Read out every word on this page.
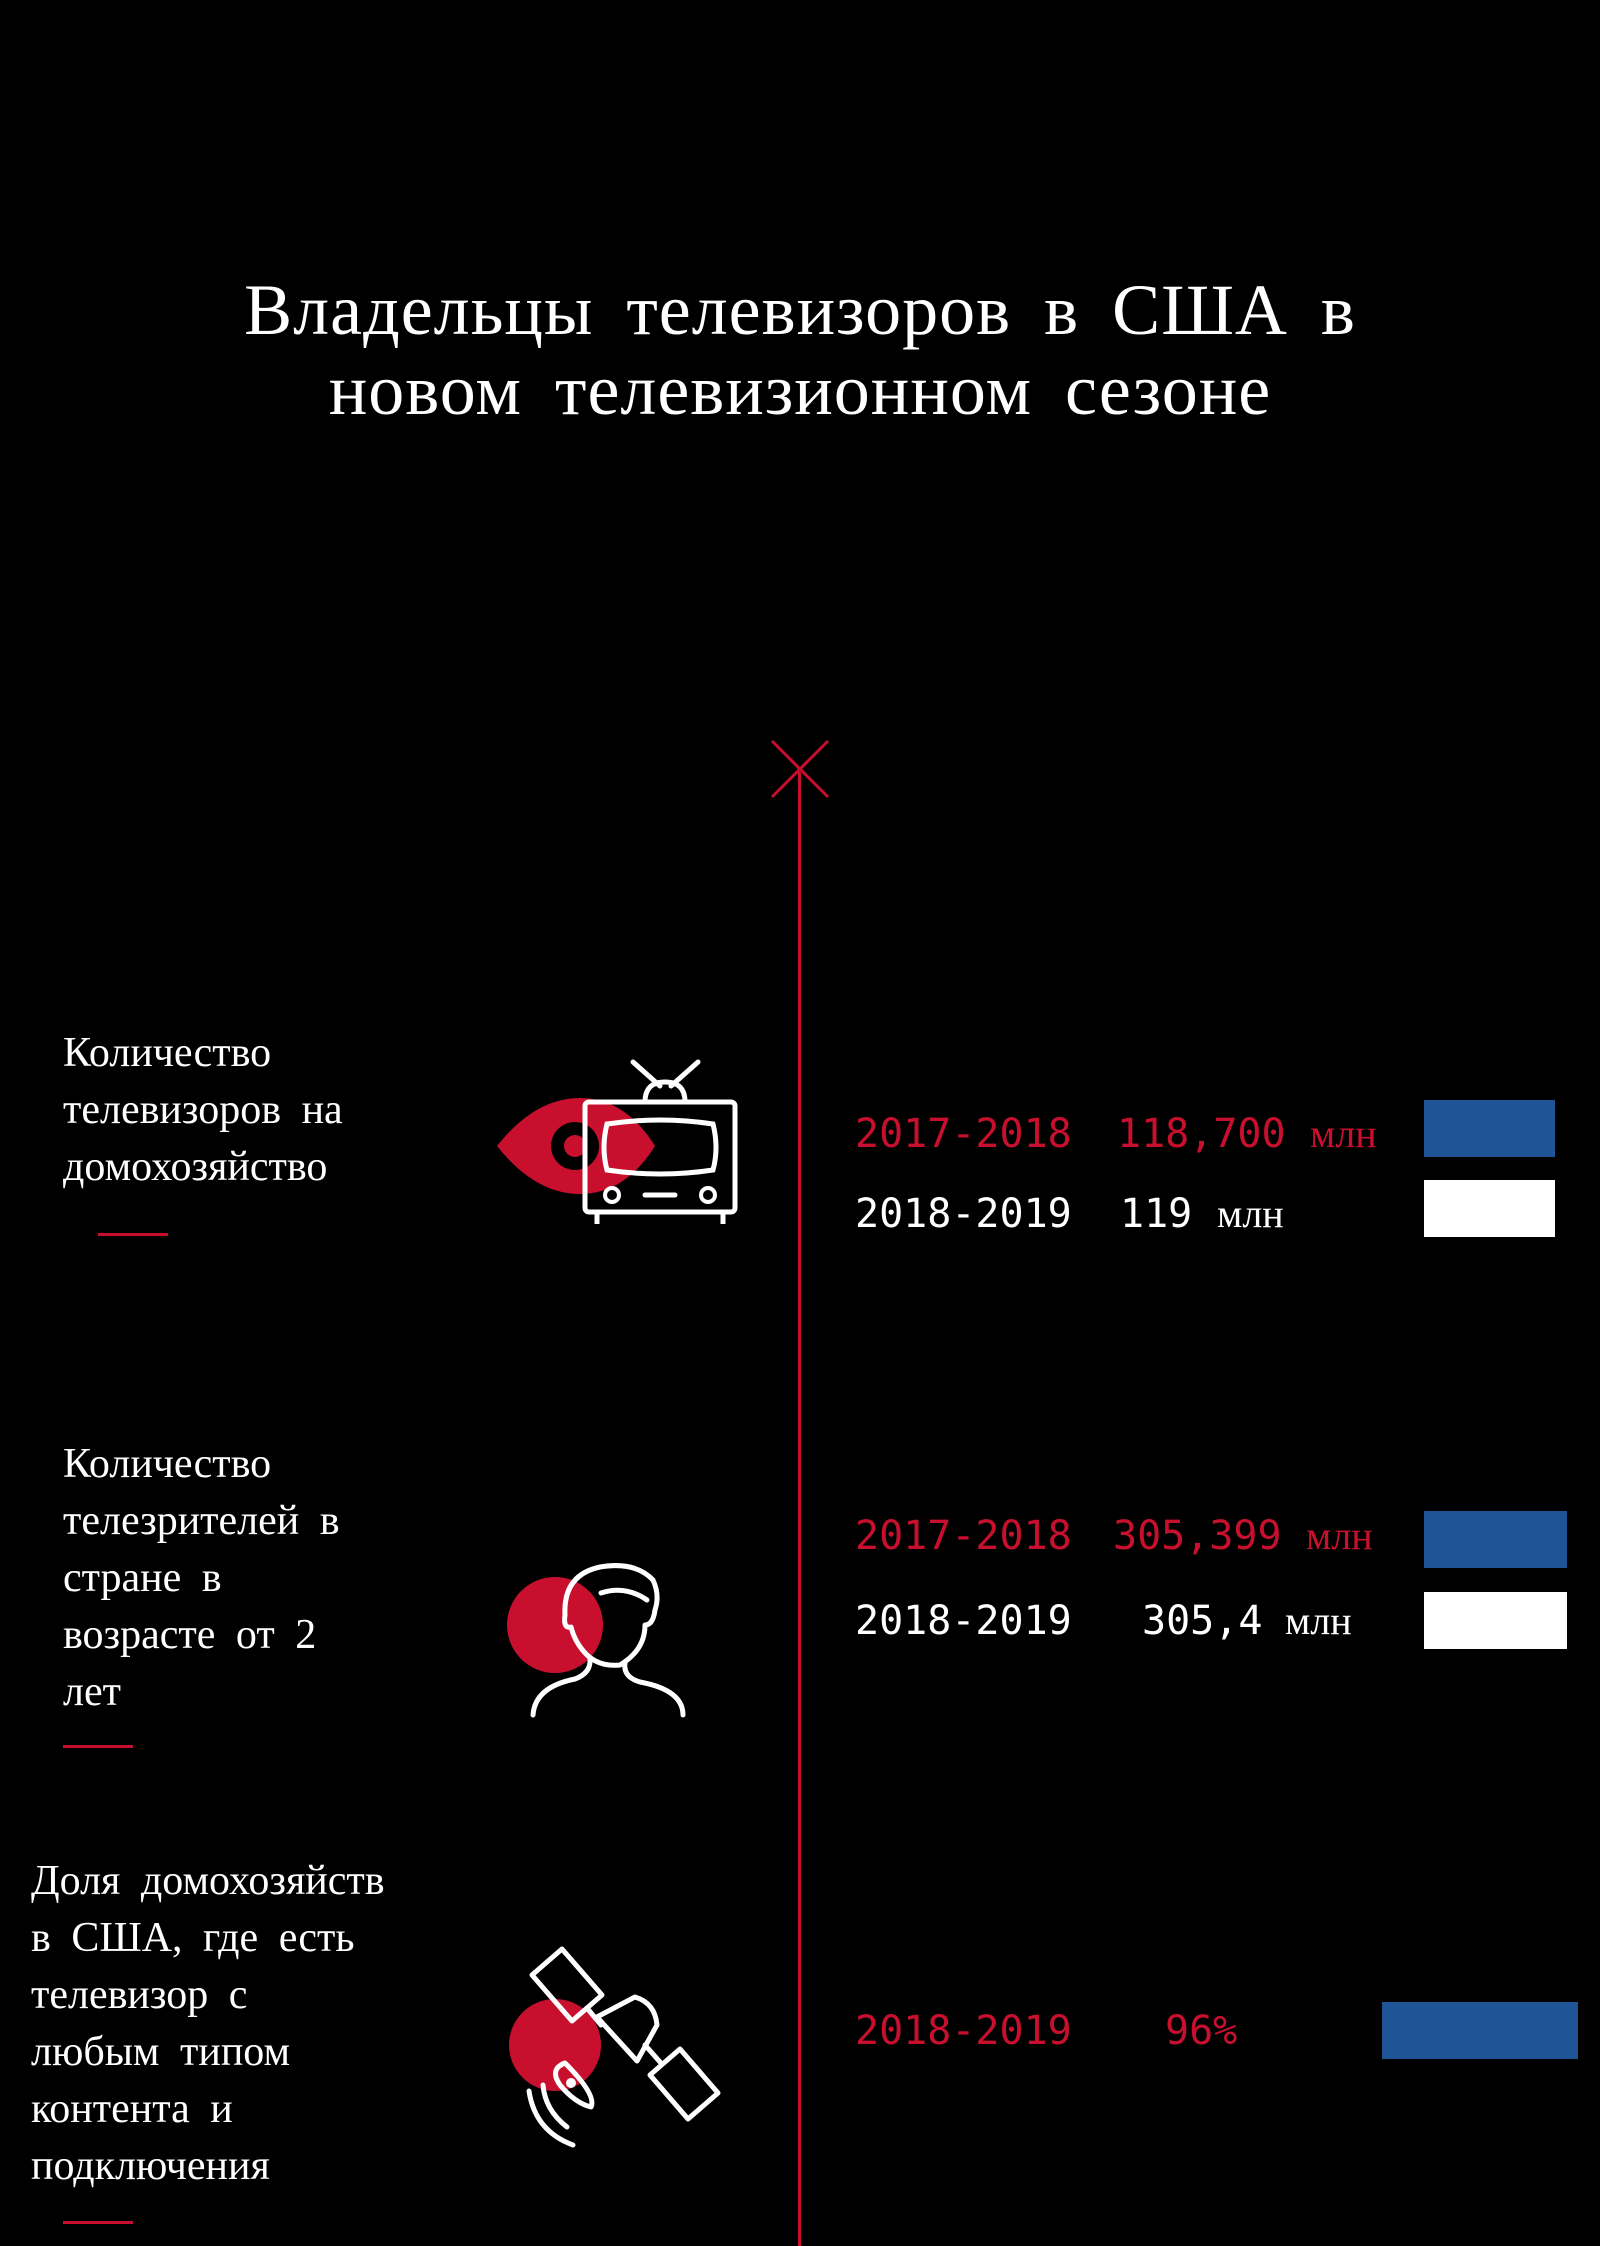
Владельцы телевизоров в США в
новом телевизионном сезоне
Количество
телевизоров на
домохозяйство
2017-2018 118,700 млн
2018-2019 119 млн
Количество
телезрителей в
стране в
возрасте от 2
лет
2017-2018 305,399 млн
2018-2019 305,4 млн
Доля домохозяйств
в США, где есть
телевизор с
любым типом
контента и
подключения
2018-2019 96%
